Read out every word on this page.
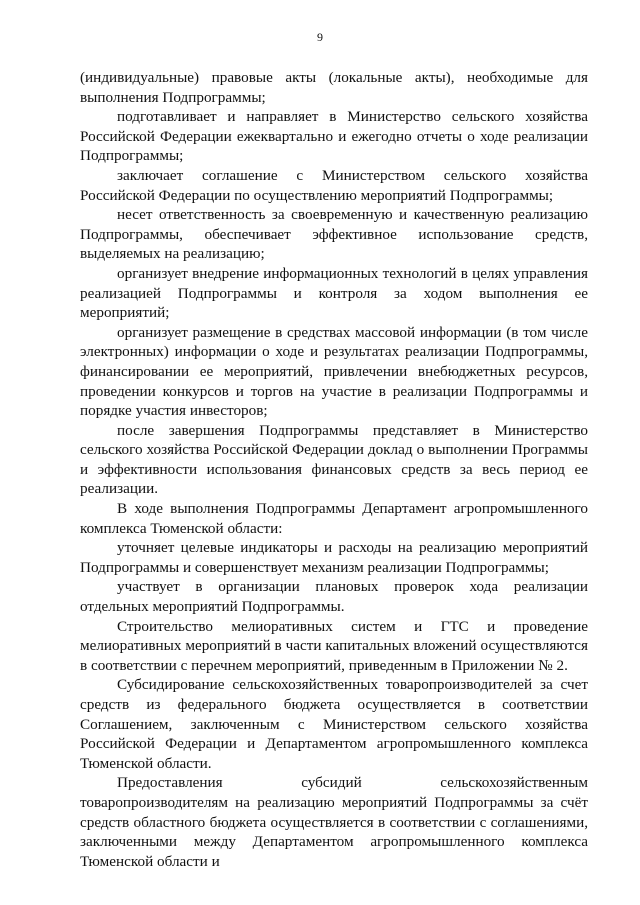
9

(индивидуальные) правовые акты (локальные акты), необходимые для выполнения Подпрограммы;

подготавливает и направляет в Министерство сельского хозяйства Российской Федерации ежеквартально и ежегодно отчеты о ходе реализации Подпрограммы;

заключает соглашение с Министерством сельского хозяйства Российской Федерации по осуществлению мероприятий Подпрограммы;

несет ответственность за своевременную и качественную реализацию Подпрограммы, обеспечивает эффективное использование средств, выделяемых на реализацию;

организует внедрение информационных технологий в целях управления реализацией Подпрограммы и контроля за ходом выполнения ее мероприятий;

организует размещение в средствах массовой информации (в том числе электронных) информации о ходе и результатах реализации Подпрограммы, финансировании ее мероприятий, привлечении внебюджетных ресурсов, проведении конкурсов и торгов на участие в реализации Подпрограммы и порядке участия инвесторов;

после завершения Подпрограммы представляет в Министерство сельского хозяйства Российской Федерации доклад о выполнении Программы и эффективности использования финансовых средств за весь период ее реализации.

В ходе выполнения Подпрограммы Департамент агропромышленного комплекса Тюменской области:

уточняет целевые индикаторы и расходы на реализацию мероприятий Подпрограммы и совершенствует механизм реализации Подпрограммы;

участвует в организации плановых проверок хода реализации отдельных мероприятий Подпрограммы.

Строительство мелиоративных систем и ГТС и проведение мелиоративных мероприятий в части капитальных вложений осуществляются в соответствии с перечнем мероприятий, приведенным в Приложении № 2.

Субсидирование сельскохозяйственных товаропроизводителей за счет средств из федерального бюджета осуществляется в соответствии Соглашением, заключенным с Министерством сельского хозяйства Российской Федерации и Департаментом агропромышленного комплекса Тюменской области.

Предоставления субсидий сельскохозяйственным товаропроизводителям на реализацию мероприятий Подпрограммы за счёт средств областного бюджета осуществляется в соответствии с соглашениями, заключенными между Департаментом агропромышленного комплекса Тюменской области и
